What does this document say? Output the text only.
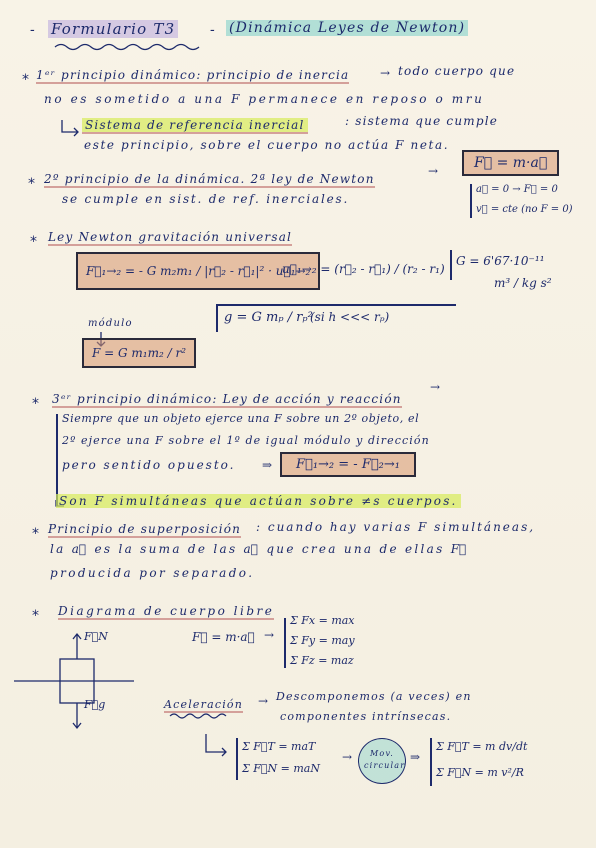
- Formulario T3 - (Dinámica Leyes de Newton)
* 1ᵉʳ principio dinámico: principio de inercia	→ todo cuerpo que
no es sometido a una F permanece en reposo o mru
Sistema de referencia inercial	: sistema que cumple
este principio, sobre el cuerpo no actúa F neta.
* 2º principio de la dinámica. 2ª ley de Newton
→	F⃗ = m·a⃗
se cumple en sist. de ref. inerciales.
a⃗ = 0 → F⃗ = 0
v⃗ = cte (no F = 0)
* Ley Newton gravitación universal
F⃗₁→₂ = - G m₂m₁ / |r⃗₂ - r⃗₁|² · u⃗₁→₂
u⃗₁→₂ = (r⃗₂ - r⃗₁) / (r₂ - r₁)
G = 6'67·10⁻¹¹
m³ / kg s²
módulo
F = G m₁m₂ / r²
g = G mₚ / rₚ²
(si h <<< rₚ)
* 3ᵉʳ principio dinámico: Ley de acción y reacción
→
Siempre que un objeto ejerce una F sobre un 2º objeto, el
2º ejerce una F sobre el 1º de igual módulo y dirección
pero sentido opuesto. ⇒	F⃗₁→₂ = - F⃗₂→₁
Son F simultáneas que actúan sobre ≠s cuerpos.
* Principio de superposición : cuando hay varias F simultáneas,
la a⃗ es la suma de las a⃗ que crea una de ellas F⃗
producida por separado.
* Diagrama de cuerpo libre
F⃗N
F⃗g
F⃗ = m·a⃗ →
Σ Fx = max
Σ Fy = may
Σ Fz = maz
Aceleración → Descomponemos (a veces) en
componentes intrínsecas.
Σ F⃗T = maT
Σ F⃗N = maN
→	Mov. circular
⇒
Σ F⃗T = m dv/dt
Σ F⃗N = m v²/R
